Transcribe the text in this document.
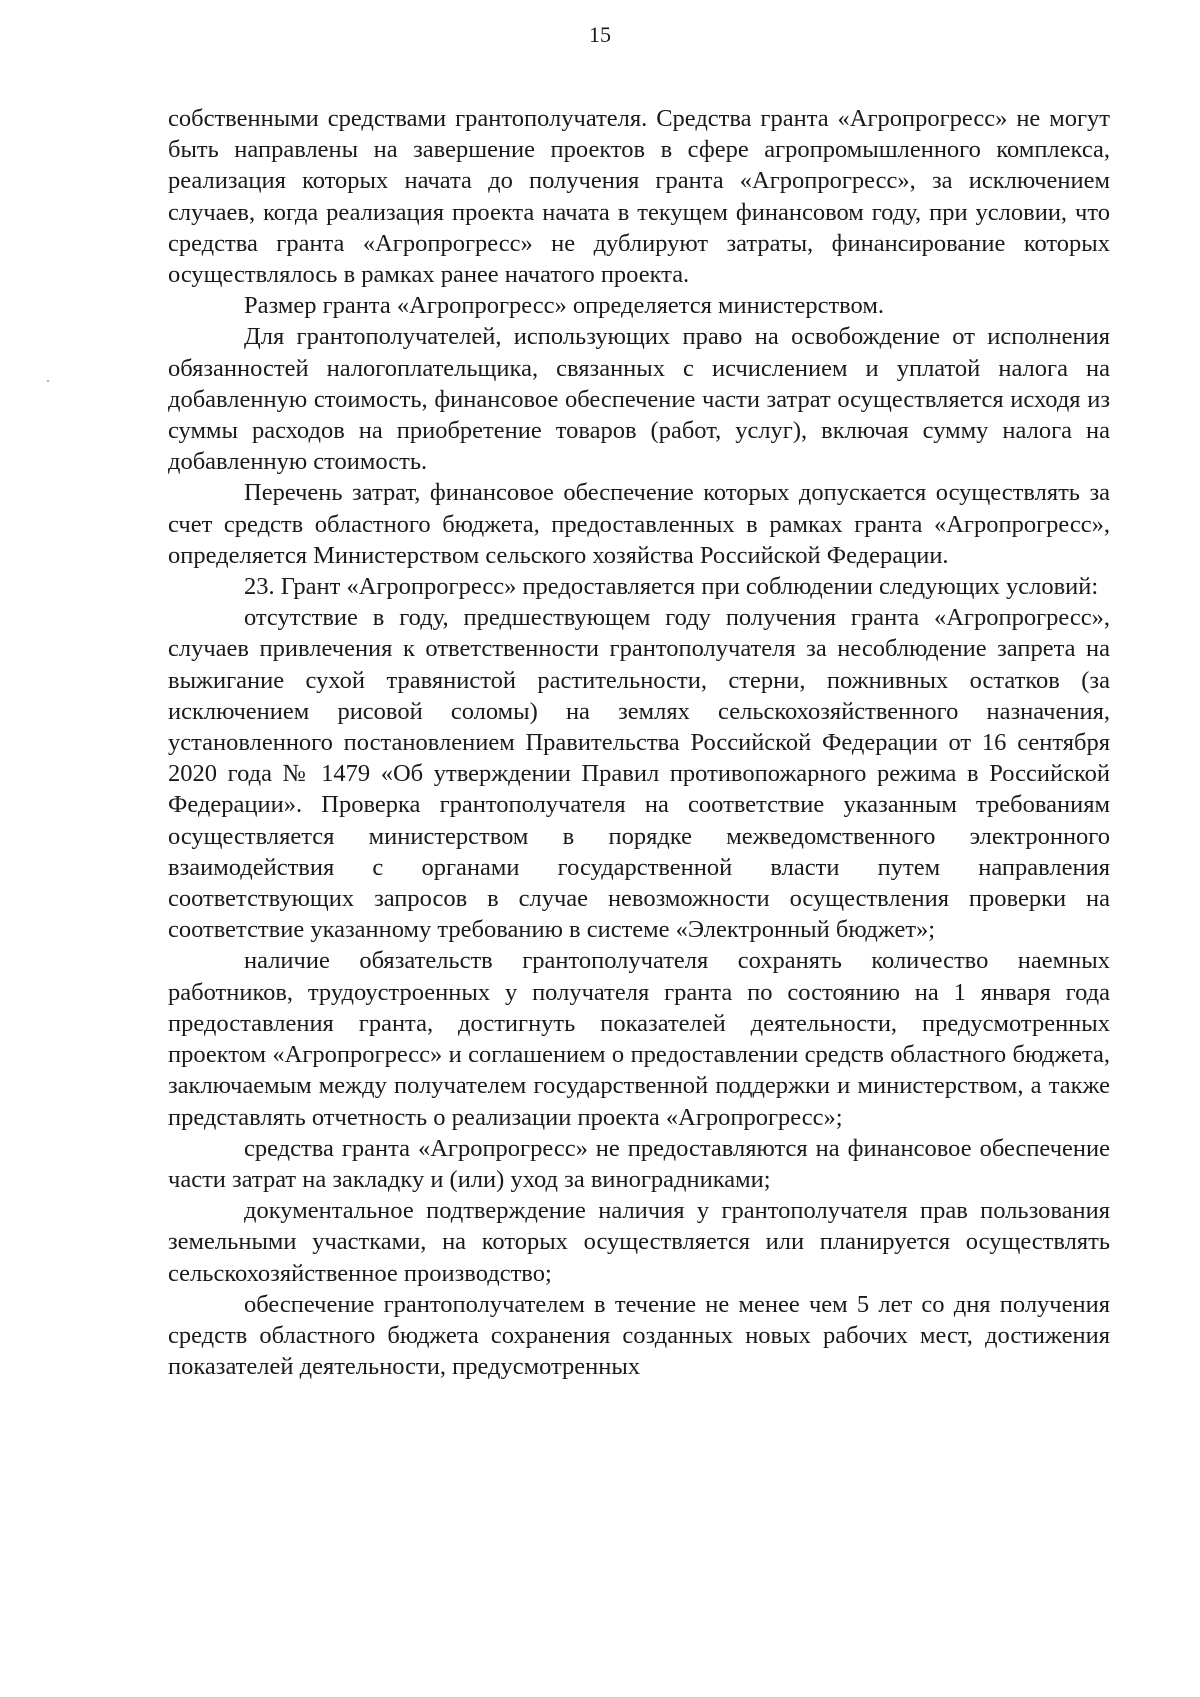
15

собственными средствами грантополучателя. Средства гранта «Агропрогресс» не могут быть направлены на завершение проектов в сфере агропромышленного комплекса, реализация которых начата до получения гранта «Агропрогресс», за исключением случаев, когда реализация проекта начата в текущем финансовом году, при условии, что средства гранта «Агропрогресс» не дублируют затраты, финансирование которых осуществлялось в рамках ранее начатого проекта.

Размер гранта «Агропрогресс» определяется министерством.

Для грантополучателей, использующих право на освобождение от исполнения обязанностей налогоплательщика, связанных с исчислением и уплатой налога на добавленную стоимость, финансовое обеспечение части затрат осуществляется исходя из суммы расходов на приобретение товаров (работ, услуг), включая сумму налога на добавленную стоимость.

Перечень затрат, финансовое обеспечение которых допускается осуществлять за счет средств областного бюджета, предоставленных в рамках гранта «Агропрогресс», определяется Министерством сельского хозяйства Российской Федерации.

23. Грант «Агропрогресс» предоставляется при соблюдении следующих условий:

отсутствие в году, предшествующем году получения гранта «Агропрогресс», случаев привлечения к ответственности грантополучателя за несоблюдение запрета на выжигание сухой травянистой растительности, стерни, пожнивных остатков (за исключением рисовой соломы) на землях сельскохозяйственного назначения, установленного постановлением Правительства Российской Федерации от 16 сентября 2020 года № 1479 «Об утверждении Правил противопожарного режима в Российской Федерации». Проверка грантополучателя на соответствие указанным требованиям осуществляется министерством в порядке межведомственного электронного взаимодействия с органами государственной власти путем направления соответствующих запросов в случае невозможности осуществления проверки на соответствие указанному требованию в системе «Электронный бюджет»;

наличие обязательств грантополучателя сохранять количество наемных работников, трудоустроенных у получателя гранта по состоянию на 1 января года предоставления гранта, достигнуть показателей деятельности, предусмотренных проектом «Агропрогресс» и соглашением о предоставлении средств областного бюджета, заключаемым между получателем государственной поддержки и министерством, а также представлять отчетность о реализации проекта «Агропрогресс»;

средства гранта «Агропрогресс» не предоставляются на финансовое обеспечение части затрат на закладку и (или) уход за виноградниками;

документальное подтверждение наличия у грантополучателя прав пользования земельными участками, на которых осуществляется или планируется осуществлять сельскохозяйственное производство;

обеспечение грантополучателем в течение не менее чем 5 лет со дня получения средств областного бюджета сохранения созданных новых рабочих мест, достижения показателей деятельности, предусмотренных
